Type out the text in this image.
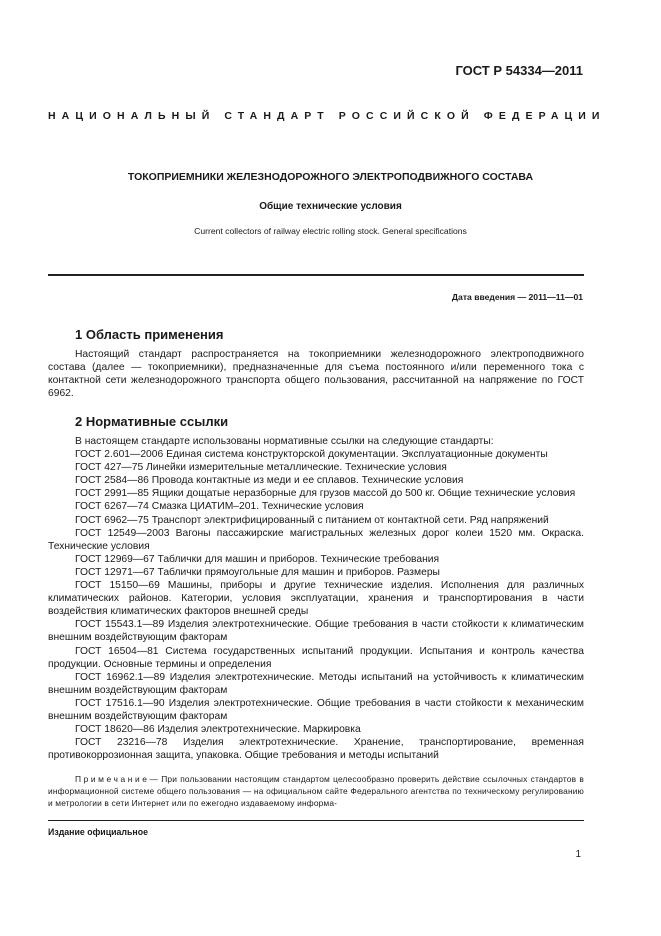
ГОСТ Р 54334—2011
НАЦИОНАЛЬНЫЙ СТАНДАРТ РОССИЙСКОЙ ФЕДЕРАЦИИ
ТОКОПРИЕМНИКИ ЖЕЛЕЗНОДОРОЖНОГО ЭЛЕКТРОПОДВИЖНОГО СОСТАВА
Общие технические условия
Current collectors of railway electric rolling stock. General specifications
Дата введения — 2011—11—01
1 Область применения
Настоящий стандарт распространяется на токоприемники железнодорожного электроподвижного состава (далее — токоприемники), предназначенные для съема постоянного и/или переменного тока с контактной сети железнодорожного транспорта общего пользования, рассчитанной на напряжение по ГОСТ 6962.
2 Нормативные ссылки

В настоящем стандарте использованы нормативные ссылки на следующие стандарты:

ГОСТ 2.601—2006 Единая система конструкторской документации. Эксплуатационные документы

ГОСТ 427—75 Линейки измерительные металлические. Технические условия

ГОСТ 2584—86 Провода контактные из меди и ее сплавов. Технические условия

ГОСТ 2991—85 Ящики дощатые неразборные для грузов массой до 500 кг. Общие технические условия

ГОСТ 6267—74 Смазка ЦИАТИМ–201. Технические условия

ГОСТ 6962—75 Транспорт электрифицированный с питанием от контактной сети. Ряд напряжений

ГОСТ 12549—2003 Вагоны пассажирские магистральных железных дорог колеи 1520 мм. Окраска. Технические условия

ГОСТ 12969—67 Таблички для машин и приборов. Технические требования

ГОСТ 12971—67 Таблички прямоугольные для машин и приборов. Размеры

ГОСТ 15150—69 Машины, приборы и другие технические изделия. Исполнения для различных климатических районов. Категории, условия эксплуатации, хранения и транспортирования в части воздействия климатических факторов внешней среды

ГОСТ 15543.1—89 Изделия электротехнические. Общие требования в части стойкости к климатическим внешним воздействующим факторам

ГОСТ 16504—81 Система государственных испытаний продукции. Испытания и контроль качества продукции. Основные термины и определения

ГОСТ 16962.1—89 Изделия электротехнические. Методы испытаний на устойчивость к климатическим внешним воздействующим факторам

ГОСТ 17516.1—90 Изделия электротехнические. Общие требования в части стойкости к механическим внешним воздействующим факторам

ГОСТ 18620—86 Изделия электротехнические. Маркировка

ГОСТ 23216—78 Изделия электротехнические. Хранение, транспортирование, временная противокоррозионная защита, упаковка. Общие требования и методы испытаний

Примечание— При пользовании настоящим стандартом целесообразно проверить действие ссылочных стандартов в информационной системе общего пользования — на официальном сайте Федерального агентства по техническому регулированию и метрологии в сети Интернет или по ежегодно издаваемому информа-
Издание официальное
1
